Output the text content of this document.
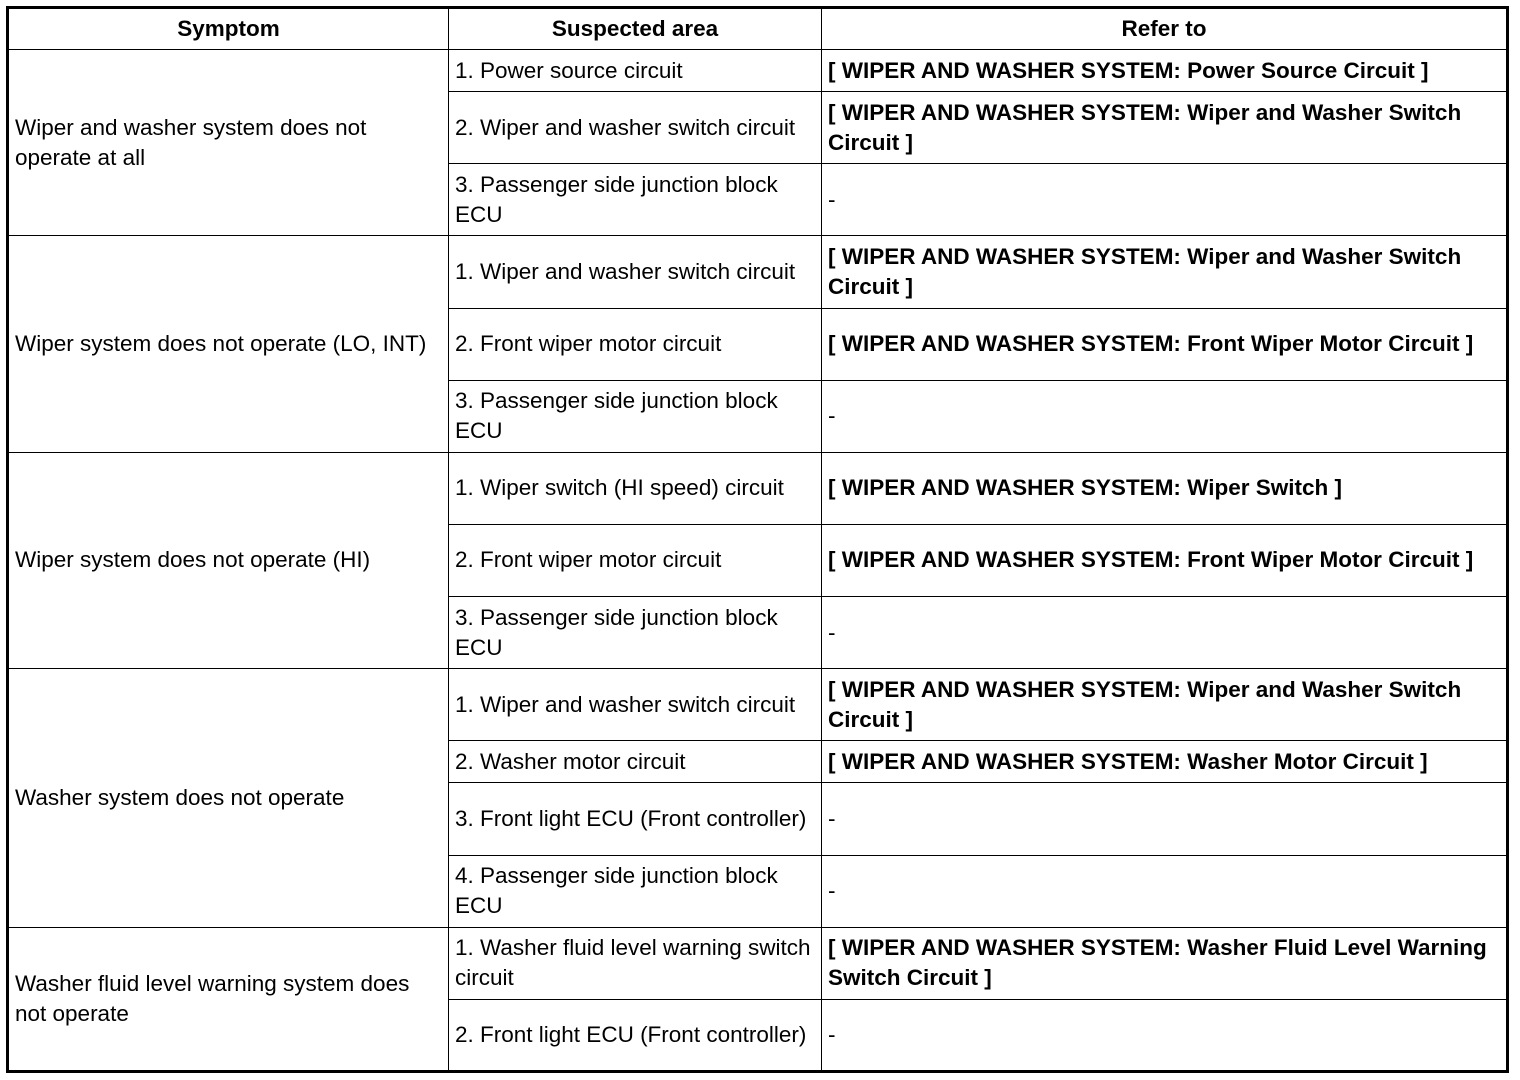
Symptom	Suspected area	Refer to
Wiper and washer system does not operate at all	1. Power source circuit	[ WIPER AND WASHER SYSTEM: Power Source Circuit ]
	2. Wiper and washer switch circuit	[ WIPER AND WASHER SYSTEM: Wiper and Washer Switch Circuit ]
	3. Passenger side junction block ECU	-
Wiper system does not operate (LO, INT)	1. Wiper and washer switch circuit	[ WIPER AND WASHER SYSTEM: Wiper and Washer Switch Circuit ]
	2. Front wiper motor circuit	[ WIPER AND WASHER SYSTEM: Front Wiper Motor Circuit ]
	3. Passenger side junction block ECU	-
Wiper system does not operate (HI)	1. Wiper switch (HI speed) circuit	[ WIPER AND WASHER SYSTEM: Wiper Switch ]
	2. Front wiper motor circuit	[ WIPER AND WASHER SYSTEM: Front Wiper Motor Circuit ]
	3. Passenger side junction block ECU	-
Washer system does not operate	1. Wiper and washer switch circuit	[ WIPER AND WASHER SYSTEM: Wiper and Washer Switch Circuit ]
	2. Washer motor circuit	[ WIPER AND WASHER SYSTEM: Washer Motor Circuit ]
	3. Front light ECU (Front controller)	-
	4. Passenger side junction block ECU	-
Washer fluid level warning system does not operate	1. Washer fluid level warning switch circuit	[ WIPER AND WASHER SYSTEM: Washer Fluid Level Warning Switch Circuit ]
	2. Front light ECU (Front controller)	-
